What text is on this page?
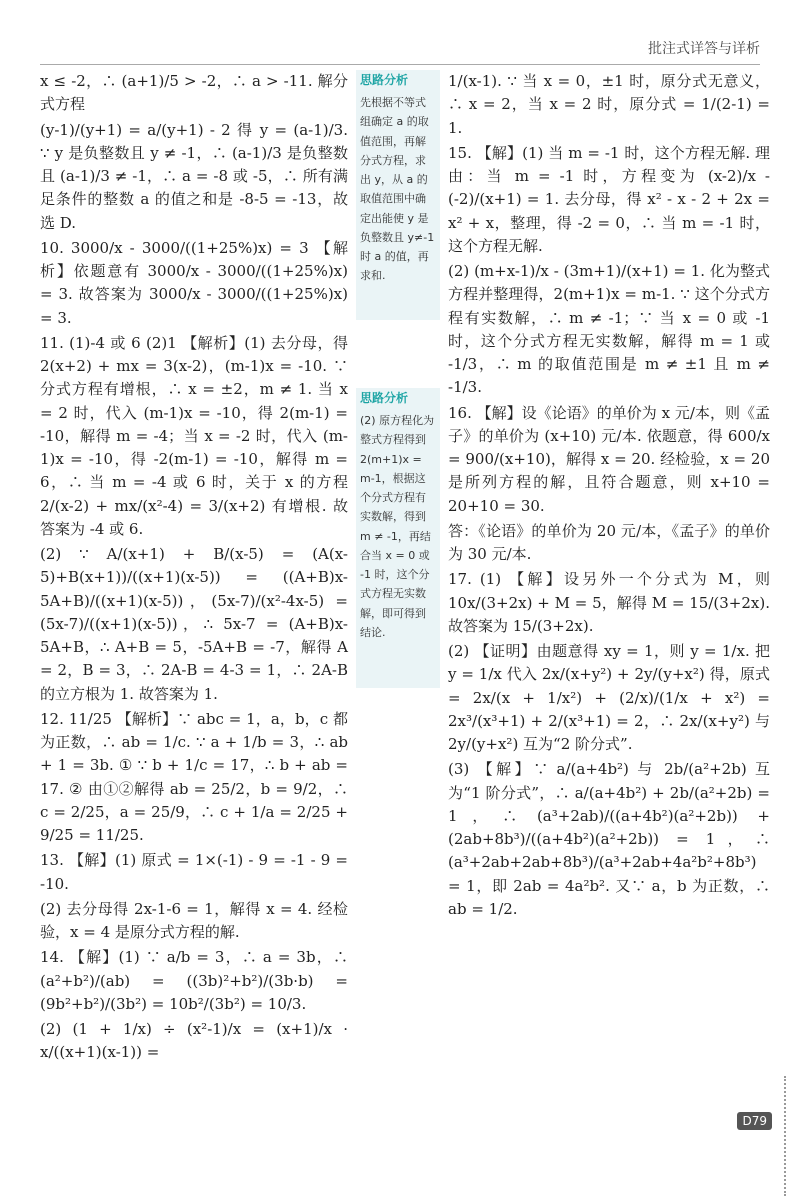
批注式详答与详析

x ≤ -2，∴ (a+1)/5 > -2，∴ a > -11. 解分式方程

(y-1)/(y+1) = a/(y+1) - 2 得 y = (a-1)/3. ∵ y 是负整数且 y ≠ -1，∴ (a-1)/3 是负整数且 (a-1)/3 ≠ -1，∴ a = -8 或 -5，∴ 所有满足条件的整数 a 的值之和是 -8-5 = -13，故选 D.

10. 3000/x - 3000/((1+25%)x) = 3 【解析】依题意有 3000/x - 3000/((1+25%)x) = 3. 故答案为 3000/x - 3000/((1+25%)x) = 3.

11. (1)-4 或 6 (2)1 【解析】(1) 去分母，得 2(x+2) + mx = 3(x-2)，(m-1)x = -10. ∵ 分式方程有增根，∴ x = ±2，m ≠ 1. 当 x = 2 时，代入 (m-1)x = -10，得 2(m-1) = -10，解得 m = -4；当 x = -2 时，代入 (m-1)x = -10，得 -2(m-1) = -10，解得 m = 6，∴ 当 m = -4 或 6 时，关于 x 的方程 2/(x-2) + mx/(x²-4) = 3/(x+2) 有增根. 故答案为 -4 或 6.

(2) ∵ A/(x+1) + B/(x-5) = (A(x-5)+B(x+1))/((x+1)(x-5)) = ((A+B)x-5A+B)/((x+1)(x-5))，(5x-7)/(x²-4x-5) = (5x-7)/((x+1)(x-5))，∴ 5x-7 = (A+B)x-5A+B，∴ A+B = 5，-5A+B = -7，解得 A = 2，B = 3，∴ 2A-B = 4-3 = 1，∴ 2A-B 的立方根为 1. 故答案为 1.

12. 11/25 【解析】∵ abc = 1，a，b，c 都为正数，∴ ab = 1/c. ∵ a + 1/b = 3，∴ ab + 1 = 3b. ① ∵ b + 1/c = 17，∴ b + ab = 17. ② 由①②解得 ab = 25/2，b = 9/2，∴ c = 2/25，a = 25/9，∴ c + 1/a = 2/25 + 9/25 = 11/25.

13. 【解】(1) 原式 = 1×(-1) - 9 = -1 - 9 = -10.

(2) 去分母得 2x-1-6 = 1，解得 x = 4. 经检验，x = 4 是原分式方程的解.

14. 【解】(1) ∵ a/b = 3，∴ a = 3b，∴ (a²+b²)/(ab) = ((3b)²+b²)/(3b·b) = (9b²+b²)/(3b²) = 10b²/(3b²) = 10/3.

(2) (1 + 1/x) ÷ (x²-1)/x = (x+1)/x · x/((x+1)(x-1)) =

思路分析
先根据不等式组确定 a 的取值范围，再解分式方程，求出 y，从 a 的取值范围中确定出能使 y 是负整数且 y≠-1 时 a 的值，再求和.
思路分析
(2) 原方程化为整式方程得到 2(m+1)x = m-1，根据这个分式方程有实数解，得到 m ≠ -1，再结合当 x = 0 或 -1 时，这个分式方程无实数解，即可得到结论.

1/(x-1). ∵ 当 x = 0，±1 时，原分式无意义，∴ x = 2，当 x = 2 时，原分式 = 1/(2-1) = 1.

15. 【解】(1) 当 m = -1 时，这个方程无解. 理由：当 m = -1 时，方程变为 (x-2)/x - (-2)/(x+1) = 1. 去分母，得 x² - x - 2 + 2x = x² + x，整理，得 -2 = 0，∴ 当 m = -1 时，这个方程无解.

(2) (m+x-1)/x - (3m+1)/(x+1) = 1. 化为整式方程并整理得，2(m+1)x = m-1. ∵ 这个分式方程有实数解，∴ m ≠ -1；∵ 当 x = 0 或 -1 时，这个分式方程无实数解，解得 m = 1 或 -1/3，∴ m 的取值范围是 m ≠ ±1 且 m ≠ -1/3.

16. 【解】设《论语》的单价为 x 元/本，则《孟子》的单价为 (x+10) 元/本. 依题意，得 600/x = 900/(x+10)，解得 x = 20. 经检验，x = 20 是所列方程的解，且符合题意，则 x+10 = 20+10 = 30.

答：《论语》的单价为 20 元/本，《孟子》的单价为 30 元/本.

17. (1) 【解】设另外一个分式为 M，则 10x/(3+2x) + M = 5，解得 M = 15/(3+2x). 故答案为 15/(3+2x).

(2) 【证明】由题意得 xy = 1，则 y = 1/x. 把 y = 1/x 代入 2x/(x+y²) + 2y/(y+x²) 得，原式 = 2x/(x + 1/x²) + (2/x)/(1/x + x²) = 2x³/(x³+1) + 2/(x³+1) = 2，∴ 2x/(x+y²) 与 2y/(y+x²) 互为“2 阶分式”.

(3) 【解】∵ a/(a+4b²) 与 2b/(a²+2b) 互为“1 阶分式”，∴ a/(a+4b²) + 2b/(a²+2b) = 1，∴ (a³+2ab)/((a+4b²)(a²+2b)) + (2ab+8b³)/((a+4b²)(a²+2b)) = 1，∴ (a³+2ab+2ab+8b³)/(a³+2ab+4a²b²+8b³) = 1，即 2ab = 4a²b². 又∵ a，b 为正数，∴ ab = 1/2.

D79
